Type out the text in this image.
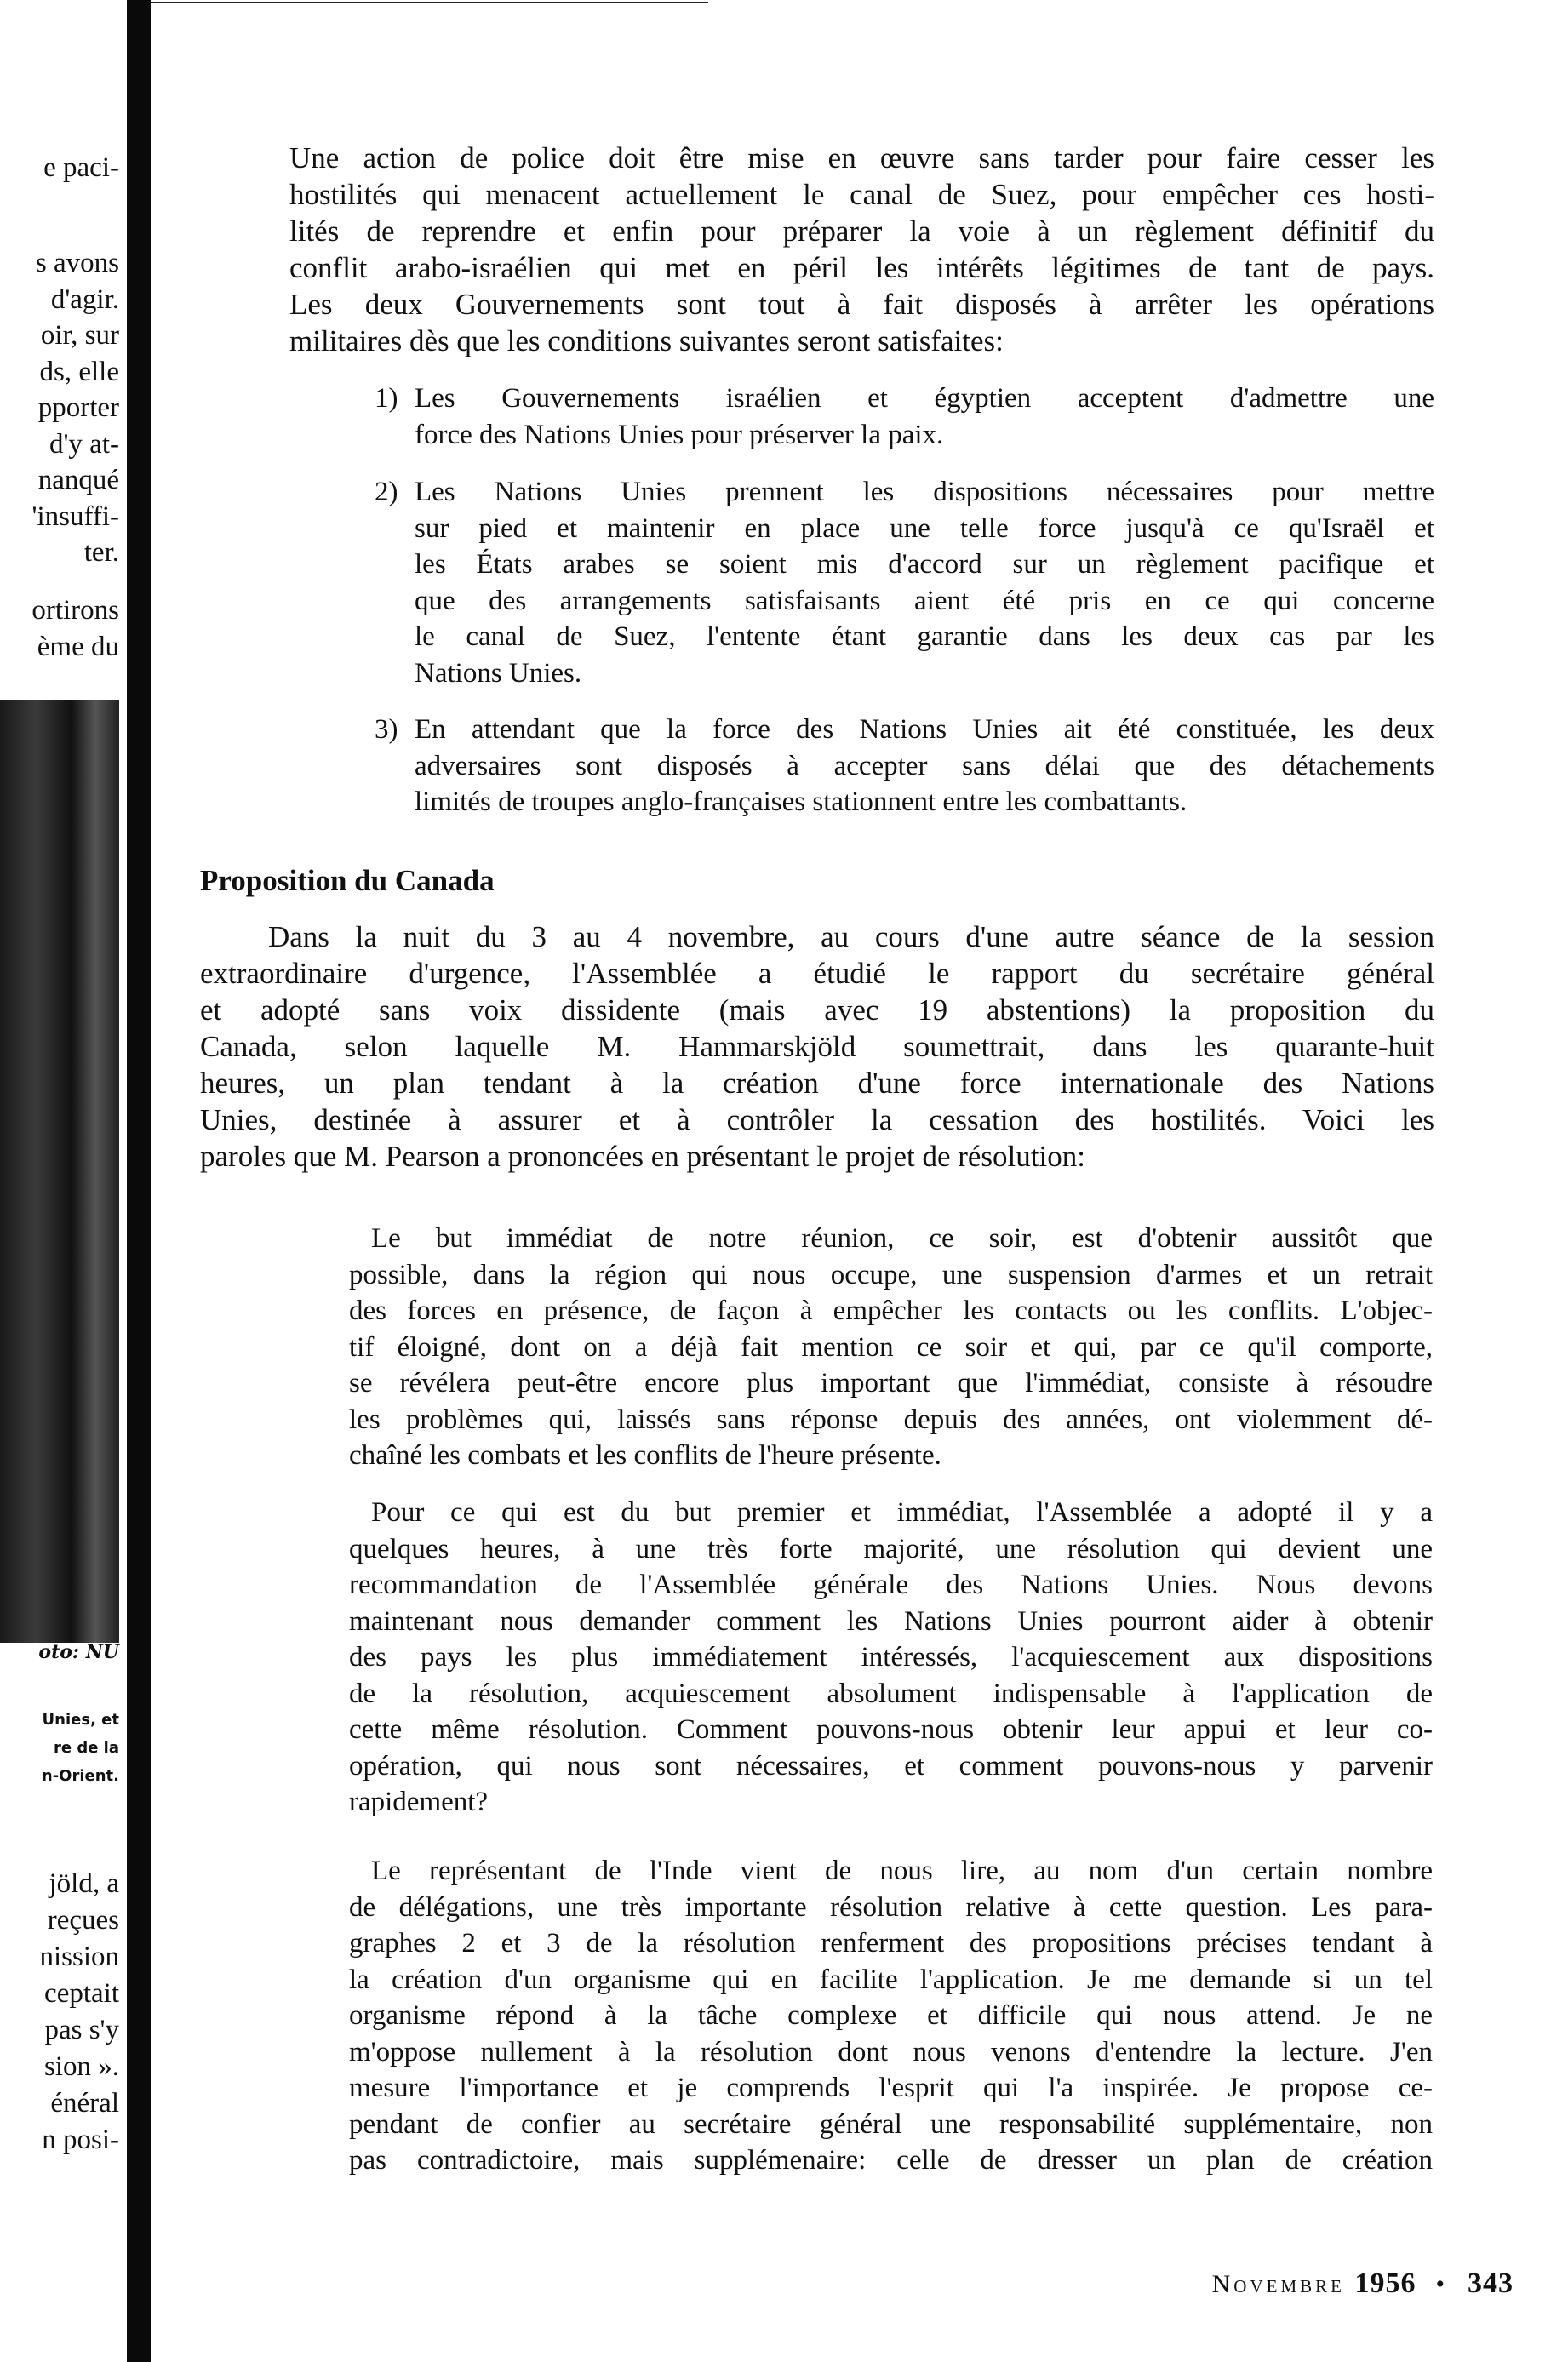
e paci-
s avons
d'agir.
oir, sur
ds, elle
pporter
d'y at-
nanqué
'insuffi-
ter.
ortirons
ème du
oto: NU
Unies, et
re de la
n-Orient.
jöld, a
reçues
nission
ceptait
pas s'y
sion ».
énéral
n posi-
Une action de police doit être mise en œuvre sans tarder pour faire cesser les
hostilités qui menacent actuellement le canal de Suez, pour empêcher ces hosti-
lités de reprendre et enfin pour préparer la voie à un règlement définitif du
conflit arabo-israélien qui met en péril les intérêts légitimes de tant de pays.
Les deux Gouvernements sont tout à fait disposés à arrêter les opérations
militaires dès que les conditions suivantes seront satisfaites:
1) Les Gouvernements israélien et égyptien acceptent d'admettre une
force des Nations Unies pour préserver la paix.
2) Les Nations Unies prennent les dispositions nécessaires pour mettre
sur pied et maintenir en place une telle force jusqu'à ce qu'Israël et
les États arabes se soient mis d'accord sur un règlement pacifique et
que des arrangements satisfaisants aient été pris en ce qui concerne
le canal de Suez, l'entente étant garantie dans les deux cas par les
Nations Unies.
3) En attendant que la force des Nations Unies ait été constituée, les deux
adversaires sont disposés à accepter sans délai que des détachements
limités de troupes anglo-françaises stationnent entre les combattants.
Proposition du Canada
Dans la nuit du 3 au 4 novembre, au cours d'une autre séance de la session
extraordinaire d'urgence, l'Assemblée a étudié le rapport du secrétaire général
et adopté sans voix dissidente (mais avec 19 abstentions) la proposition du
Canada, selon laquelle M. Hammarskjöld soumettrait, dans les quarante-huit
heures, un plan tendant à la création d'une force internationale des Nations
Unies, destinée à assurer et à contrôler la cessation des hostilités. Voici les
paroles que M. Pearson a prononcées en présentant le projet de résolution:
Le but immédiat de notre réunion, ce soir, est d'obtenir aussitôt que
possible, dans la région qui nous occupe, une suspension d'armes et un retrait
des forces en présence, de façon à empêcher les contacts ou les conflits. L'objec-
tif éloigné, dont on a déjà fait mention ce soir et qui, par ce qu'il comporte,
se révélera peut-être encore plus important que l'immédiat, consiste à résoudre
les problèmes qui, laissés sans réponse depuis des années, ont violemment dé-
chaîné les combats et les conflits de l'heure présente.
Pour ce qui est du but premier et immédiat, l'Assemblée a adopté il y a
quelques heures, à une très forte majorité, une résolution qui devient une
recommandation de l'Assemblée générale des Nations Unies. Nous devons
maintenant nous demander comment les Nations Unies pourront aider à obtenir
des pays les plus immédiatement intéressés, l'acquiescement aux dispositions
de la résolution, acquiescement absolument indispensable à l'application de
cette même résolution. Comment pouvons-nous obtenir leur appui et leur co-
opération, qui nous sont nécessaires, et comment pouvons-nous y parvenir
rapidement?
Le représentant de l'Inde vient de nous lire, au nom d'un certain nombre
de délégations, une très importante résolution relative à cette question. Les para-
graphes 2 et 3 de la résolution renferment des propositions précises tendant à
la création d'un organisme qui en facilite l'application. Je me demande si un tel
organisme répond à la tâche complexe et difficile qui nous attend. Je ne
m'oppose nullement à la résolution dont nous venons d'entendre la lecture. J'en
mesure l'importance et je comprends l'esprit qui l'a inspirée. Je propose ce-
pendant de confier au secrétaire général une responsabilité supplémentaire, non
pas contradictoire, mais supplémenaire: celle de dresser un plan de création
Novembre 1956 • 343
